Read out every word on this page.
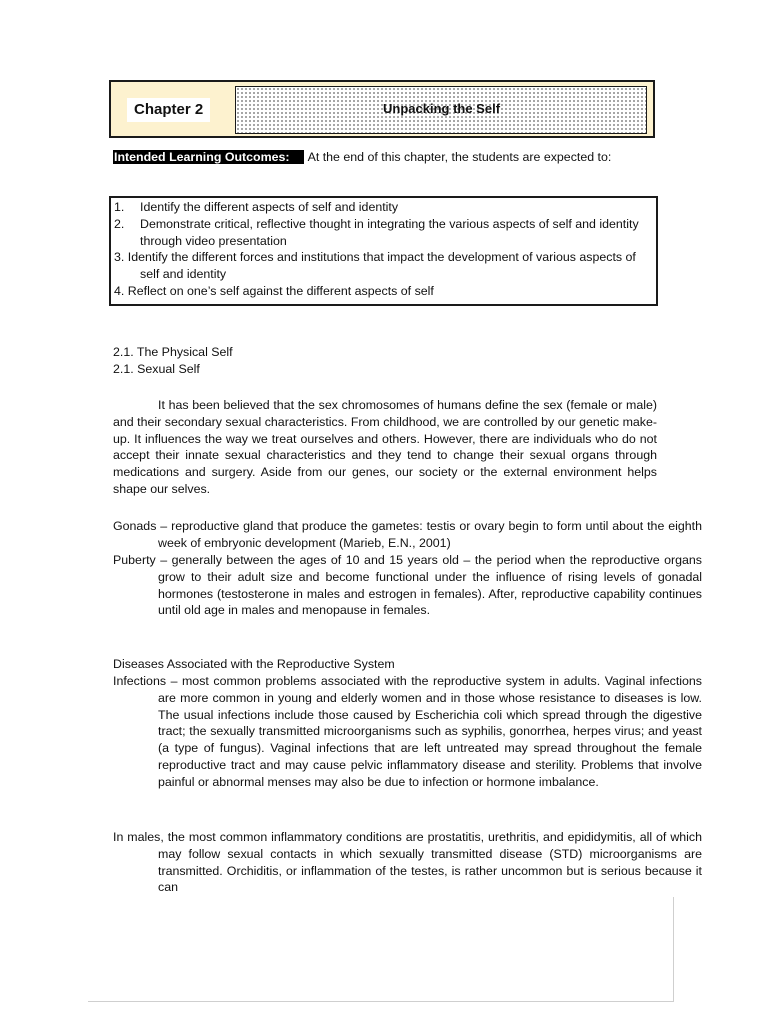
Chapter 2	Unpacking the Self
Intended Learning Outcomes: At the end of this chapter, the students are expected to:
1.	Identify the different aspects of self and identity
2.	Demonstrate critical, reflective thought in integrating the various aspects of self and identity through video presentation
3. Identify the different forces and institutions that impact the development of various aspects of self and identity
4. Reflect on one’s self against the different aspects of self
2.1. The Physical Self
2.1. Sexual Self
It has been believed that the sex chromosomes of humans define the sex (female or male) and their secondary sexual characteristics. From childhood, we are controlled by our genetic make-up. It influences the way we treat ourselves and others. However, there are individuals who do not accept their innate sexual characteristics and they tend to change their sexual organs through medications and surgery. Aside from our genes, our society or the external environment helps shape our selves.
Gonads – reproductive gland that produce the gametes: testis or ovary begin to form until about the eighth week of embryonic development (Marieb, E.N., 2001)
Puberty – generally between the ages of 10 and 15 years old – the period when the reproductive organs grow to their adult size and become functional under the influence of rising levels of gonadal hormones (testosterone in males and estrogen in females). After, reproductive capability continues until old age in males and menopause in females.
Diseases Associated with the Reproductive System
Infections – most common problems associated with the reproductive system in adults. Vaginal infections are more common in young and elderly women and in those whose resistance to diseases is low. The usual infections include those caused by Escherichia coli which spread through the digestive tract; the sexually transmitted microorganisms such as syphilis, gonorrhea, herpes virus; and yeast (a type of fungus). Vaginal infections that are left untreated may spread throughout the female reproductive tract and may cause pelvic inflammatory disease and sterility. Problems that involve painful or abnormal menses may also be due to infection or hormone imbalance.
In males, the most common inflammatory conditions are prostatitis, urethritis, and epididymitis, all of which may follow sexual contacts in which sexually transmitted disease (STD) microorganisms are transmitted. Orchiditis, or inflammation of the testes, is rather uncommon but is serious because it can
